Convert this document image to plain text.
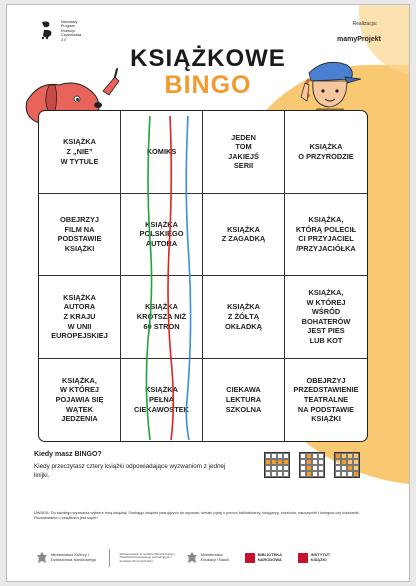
Narodowy
Program
Rozwoju
Czytelnictwa
2.0
Realizacja:
mamyProjekt
KSIĄŻKOWE
BINGO
KSIĄŻKA
Z „NIE”
W TYTULE
KOMIKS
JEDEN
TOM
JAKIEJŚ
SERII
KSIĄŻKA
O PRZYRODZIE
OBEJRZYJ
FILM NA
PODSTAWIE
KSIĄŻKI
KSIĄŻKA
POLSKIEGO
AUTORA
KSIĄŻKA
Z ZAGADKĄ
KSIĄŻKA,
KTÓRĄ POLECIŁ
CI PRZYJACIEL
/PRZYJACIÓŁKA
KSIĄŻKA
AUTORA
Z KRAJU
W UNII
EUROPEJSKIEJ
KSIĄŻKA
KRÓTSZA NIŻ
60 STRON
KSIĄŻKA
Z ŻÓŁTĄ
OKŁADKĄ
KSIĄŻKA,
W KTÓREJ
WŚRÓD
BOHATERÓW
JEST PIES
LUB KOT
KSIĄŻKA,
W KTÓREJ
POJAWIA SIĘ
WĄTEK
JEDZENIA
KSIĄŻKA
PEŁNA
CIEKAWOSTEK
CIEKAWA
LEKTURA
SZKOLNA
OBEJRZYJ
PRZEDSTAWIENIE
TEATRALNE
NA PODSTAWIE
KSIĄŻKI
Kiedy masz BINGO?
Kiedy przeczytasz cztery książki odpowiadające wyzwaniom z jednej linijki.
UWAGA: Do każdego wyzwania wybierz inną książkę! Szukając książek pasujących do wyzwań, śmiało pytaj o pomoc bibliotekarzy, księgarzy, rodziców, nauczycieli i kolegów czy koleżanki. Rozmawianie o książkach jest super!
Ministerstwo Kultury i Dziedzictwa Narodowego
Dofinansowano ze środków Ministra Kultury i Dziedzictwa Narodowego pochodzących z Funduszu Promocji Kultury
Ministerstwo Edukacji i Nauki
BIBLIOTEKA NARODOWA
INSTYTUT KSIĄŻKI
